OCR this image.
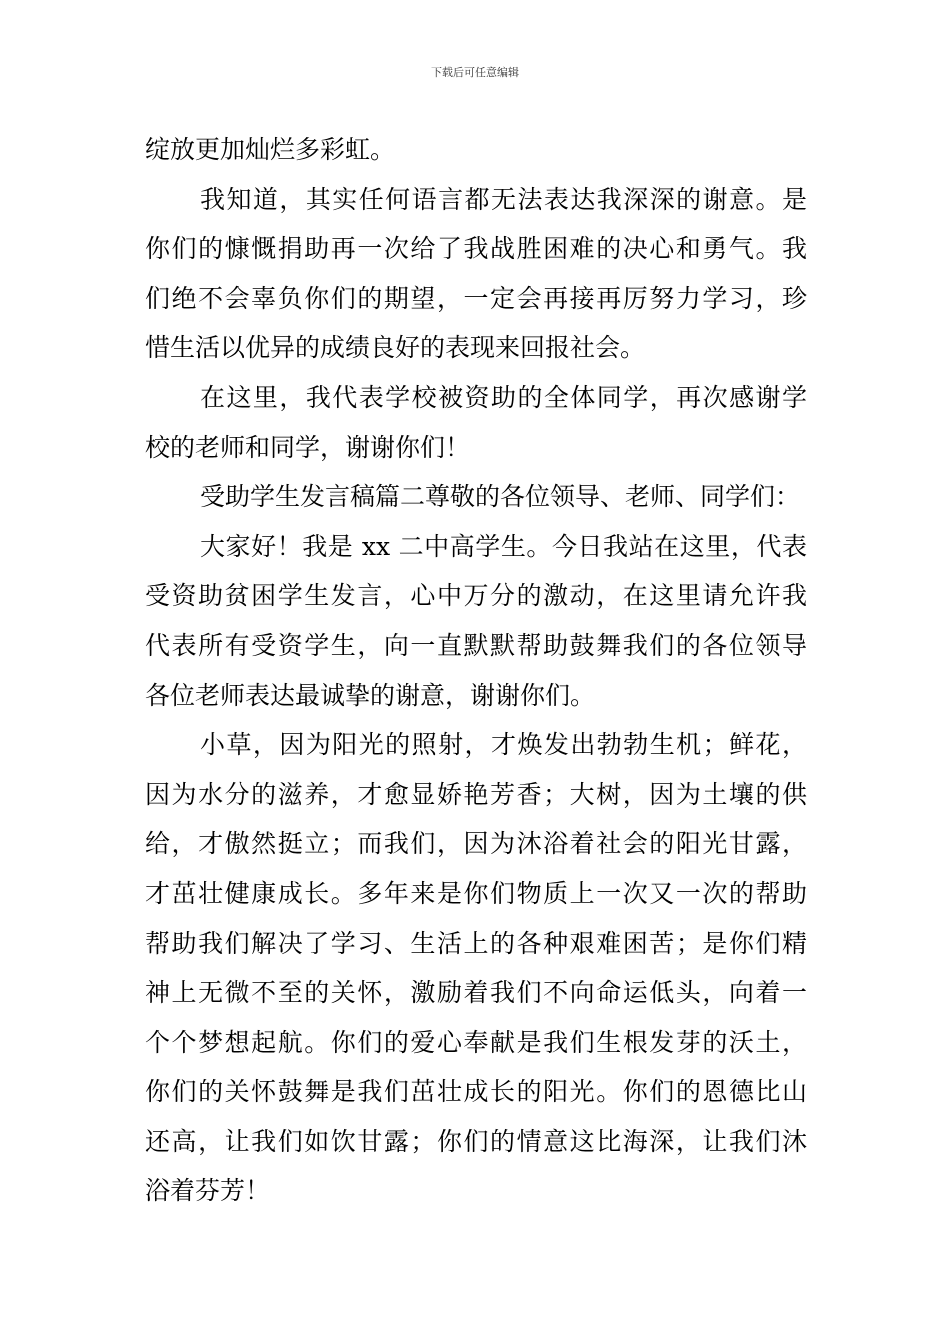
下载后可任意编辑
绽放更加灿烂多彩虹。
我知道，其实任何语言都无法表达我深深的谢意。是
你们的慷慨捐助再一次给了我战胜困难的决心和勇气。我
们绝不会辜负你们的期望，一定会再接再厉努力学习，珍
惜生活以优异的成绩良好的表现来回报社会。
在这里，我代表学校被资助的全体同学，再次感谢学
校的老师和同学，谢谢你们！
受助学生发言稿篇二尊敬的各位领导、老师、同学们：
大家好！我是 xx 二中高学生。今日我站在这里，代表
受资助贫困学生发言，心中万分的激动，在这里请允许我
代表所有受资学生，向一直默默帮助鼓舞我们的各位领导
各位老师表达最诚挚的谢意，谢谢你们。
小草，因为阳光的照射，才焕发出勃勃生机；鲜花，
因为水分的滋养，才愈显娇艳芳香；大树，因为土壤的供
给，才傲然挺立；而我们，因为沐浴着社会的阳光甘露，
才茁壮健康成长。多年来是你们物质上一次又一次的帮助
帮助我们解决了学习、生活上的各种艰难困苦；是你们精
神上无微不至的关怀，激励着我们不向命运低头，向着一
个个梦想起航。你们的爱心奉献是我们生根发芽的沃土，
你们的关怀鼓舞是我们茁壮成长的阳光。你们的恩德比山
还高，让我们如饮甘露；你们的情意这比海深，让我们沐
浴着芬芳！
